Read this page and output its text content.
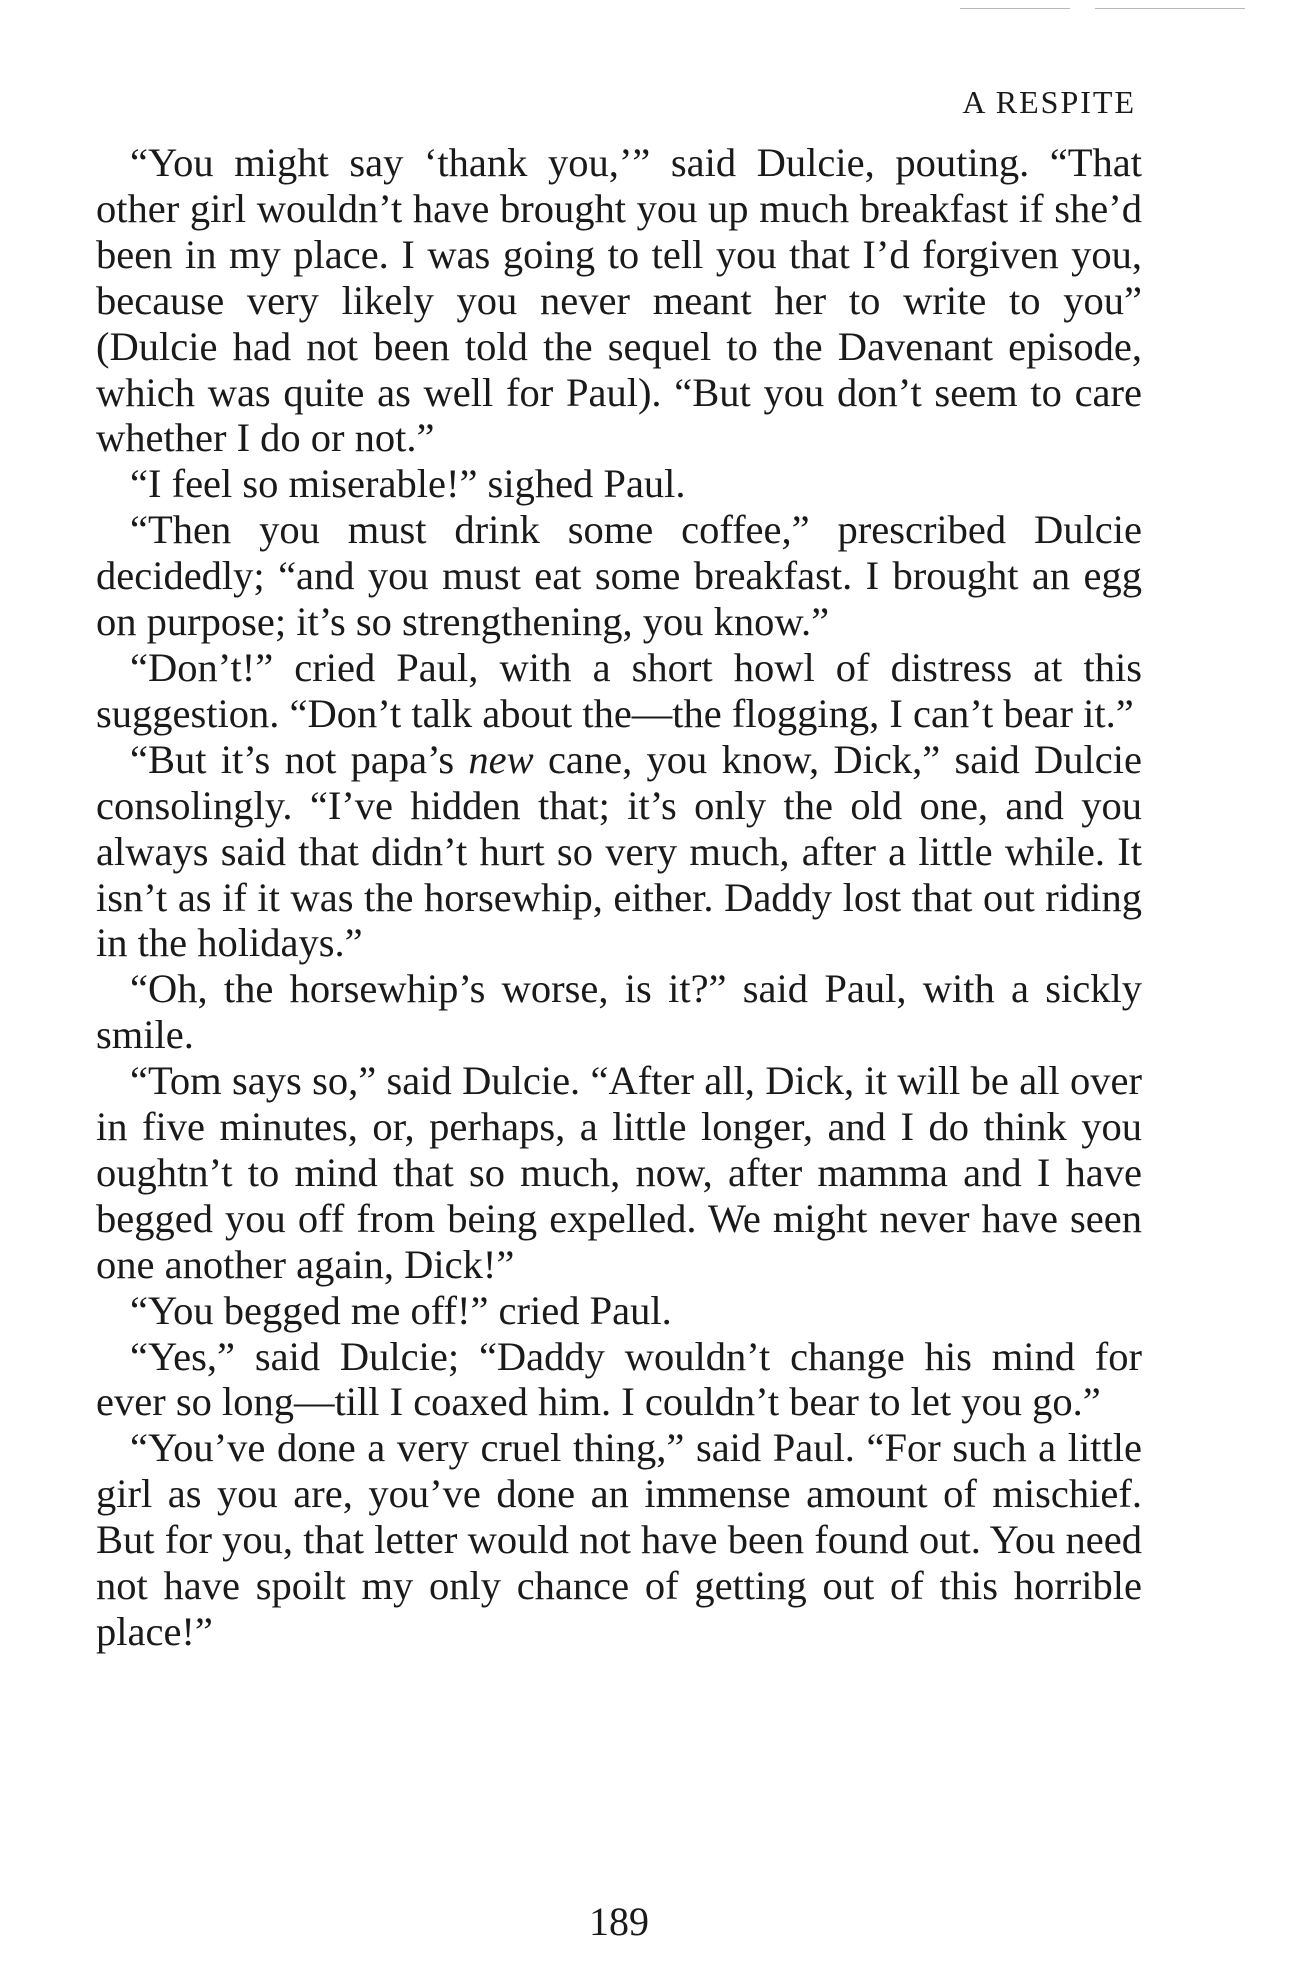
A RESPITE

“You might say ‘thank you,’” said Dulcie, pouting. “That other girl wouldn’t have brought you up much breakfast if she’d been in my place. I was going to tell you that I’d forgiven you, because very likely you never meant her to write to you” (Dulcie had not been told the sequel to the Davenant episode, which was quite as well for Paul). “But you don’t seem to care whether I do or not.”

“I feel so miserable!” sighed Paul.

“Then you must drink some coffee,” prescribed Dulcie decidedly; “and you must eat some breakfast. I brought an egg on purpose; it’s so strengthening, you know.”

“Don’t!” cried Paul, with a short howl of distress at this suggestion. “Don’t talk about the—the flogging, I can’t bear it.”

“But it’s not papa’s new cane, you know, Dick,” said Dulcie consolingly. “I’ve hidden that; it’s only the old one, and you always said that didn’t hurt so very much, after a little while. It isn’t as if it was the horsewhip, either. Daddy lost that out riding in the holidays.”

“Oh, the horsewhip’s worse, is it?” said Paul, with a sickly smile.

“Tom says so,” said Dulcie. “After all, Dick, it will be all over in five minutes, or, perhaps, a little longer, and I do think you oughtn’t to mind that so much, now, after mamma and I have begged you off from being expelled. We might never have seen one another again, Dick!”

“You begged me off!” cried Paul.

“Yes,” said Dulcie; “Daddy wouldn’t change his mind for ever so long—till I coaxed him. I couldn’t bear to let you go.”

“You’ve done a very cruel thing,” said Paul. “For such a little girl as you are, you’ve done an immense amount of mischief. But for you, that letter would not have been found out. You need not have spoilt my only chance of getting out of this horrible place!”

189
